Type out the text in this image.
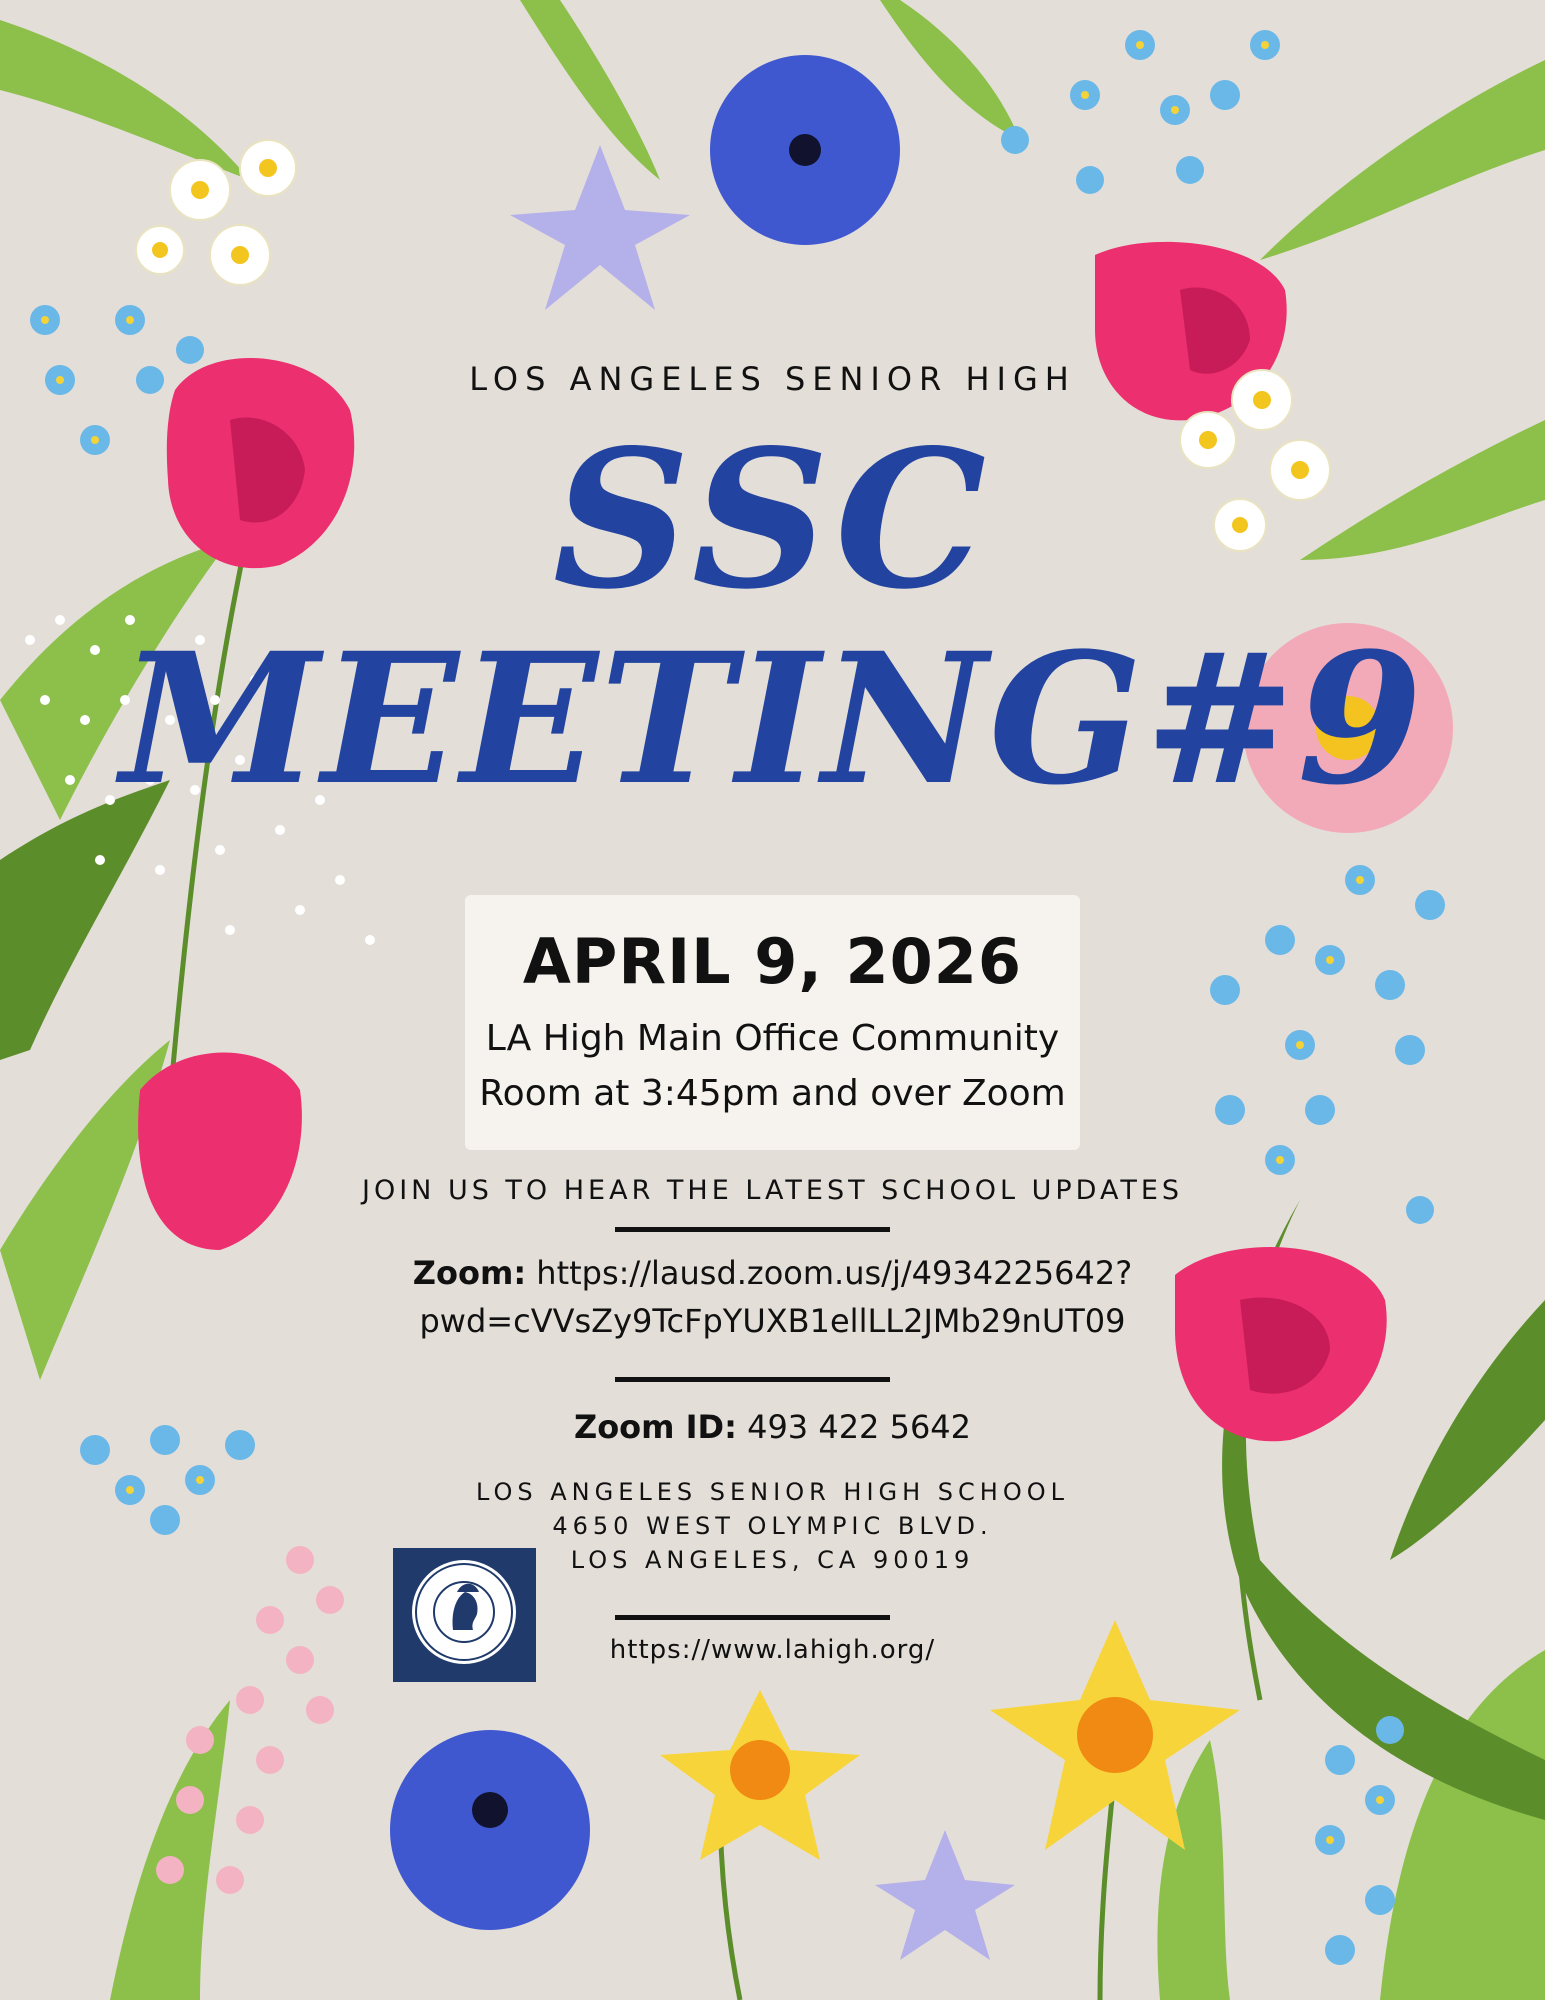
LOS ANGELES SENIOR HIGH
SSC
MEETING#9
APRIL 9, 2026
LA High Main Office Community
Room at 3:45pm and over Zoom
JOIN US TO HEAR THE LATEST SCHOOL UPDATES
Zoom: https://lausd.zoom.us/j/4934225642?
pwd=cVVsZy9TcFpYUXB1ellLL2JMb29nUT09
Zoom ID: 493 422 5642
LOS ANGELES SENIOR HIGH SCHOOL
4650 WEST OLYMPIC BLVD.
LOS ANGELES, CA 90019
https://www.lahigh.org/
